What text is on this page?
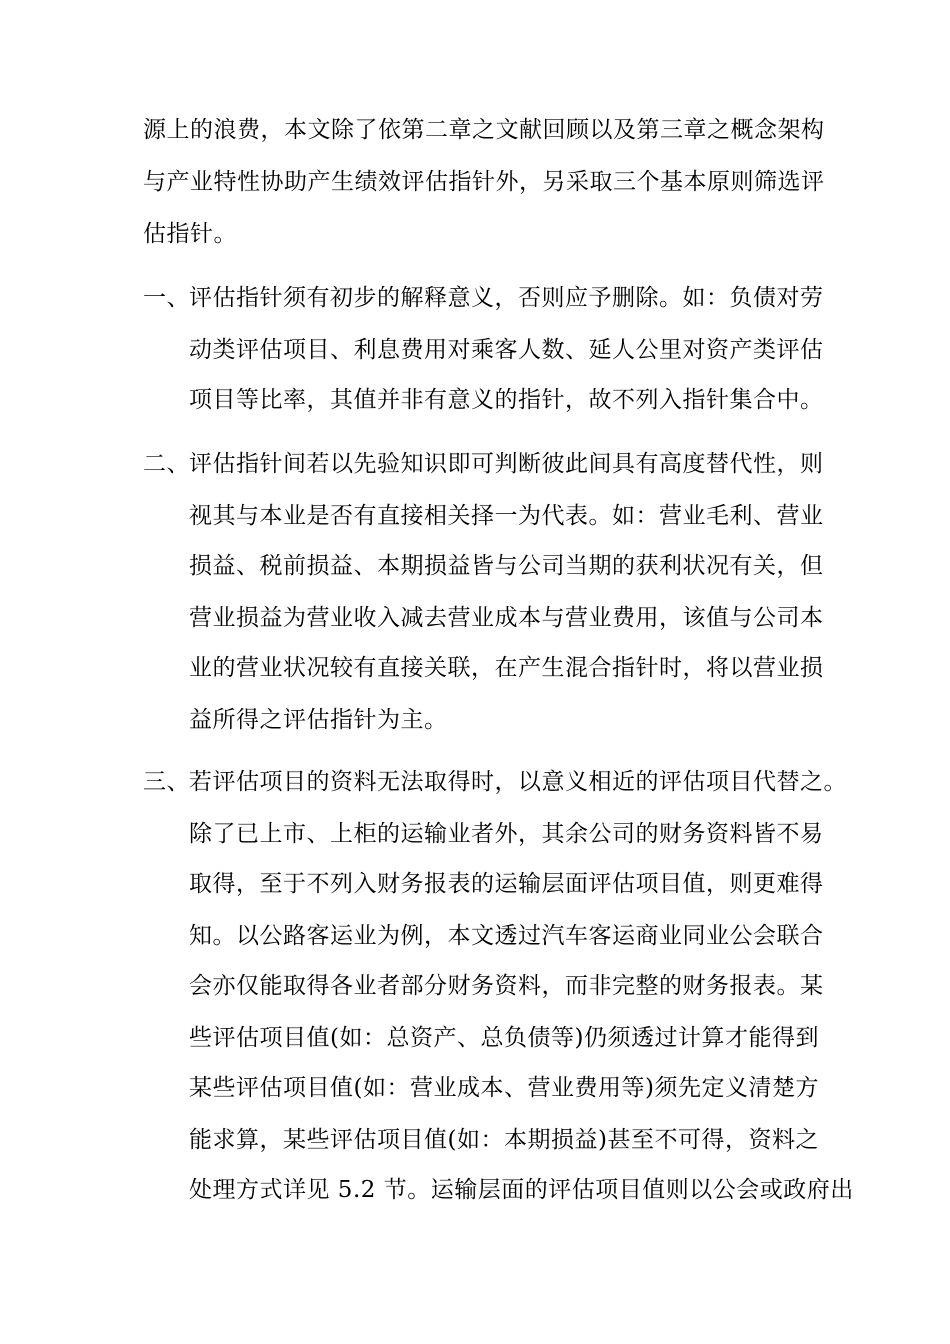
源上的浪费，本文除了依第二章之文献回顾以及第三章之概念架构
与产业特性协助产生绩效评估指针外，另采取三个基本原则筛选评
估指针。
一、 评估指针须有初步的解释意义，否则应予删除。如：负债对劳
动类评估项目、利息费用对乘客人数、延人公里对资产类评估
项目等比率，其值并非有意义的指针，故不列入指针集合中。
二、 评估指针间若以先验知识即可判断彼此间具有高度替代性，则
视其与本业是否有直接相关择一为代表。如：营业毛利、营业
损益、税前损益、本期损益皆与公司当期的获利状况有关，但
营业损益为营业收入减去营业成本与营业费用，该值与公司本
业的营业状况较有直接关联，在产生混合指针时，将以营业损
益所得之评估指针为主。
三、 若评估项目的资料无法取得时，以意义相近的评估项目代替之。
除了已上市、上柜的运输业者外，其余公司的财务资料皆不易
取得，至于不列入财务报表的运输层面评估项目值，则更难得
知。以公路客运业为例，本文透过汽车客运商业同业公会联合
会亦仅能取得各业者部分财务资料，而非完整的财务报表。某
些评估项目值(如：总资产、总负债等)仍须透过计算才能得到
某些评估项目值(如：营业成本、营业费用等)须先定义清楚方
能求算，某些评估项目值(如：本期损益)甚至不可得，资料之
处理方式详见 5.2 节。运输层面的评估项目值则以公会或政府出
